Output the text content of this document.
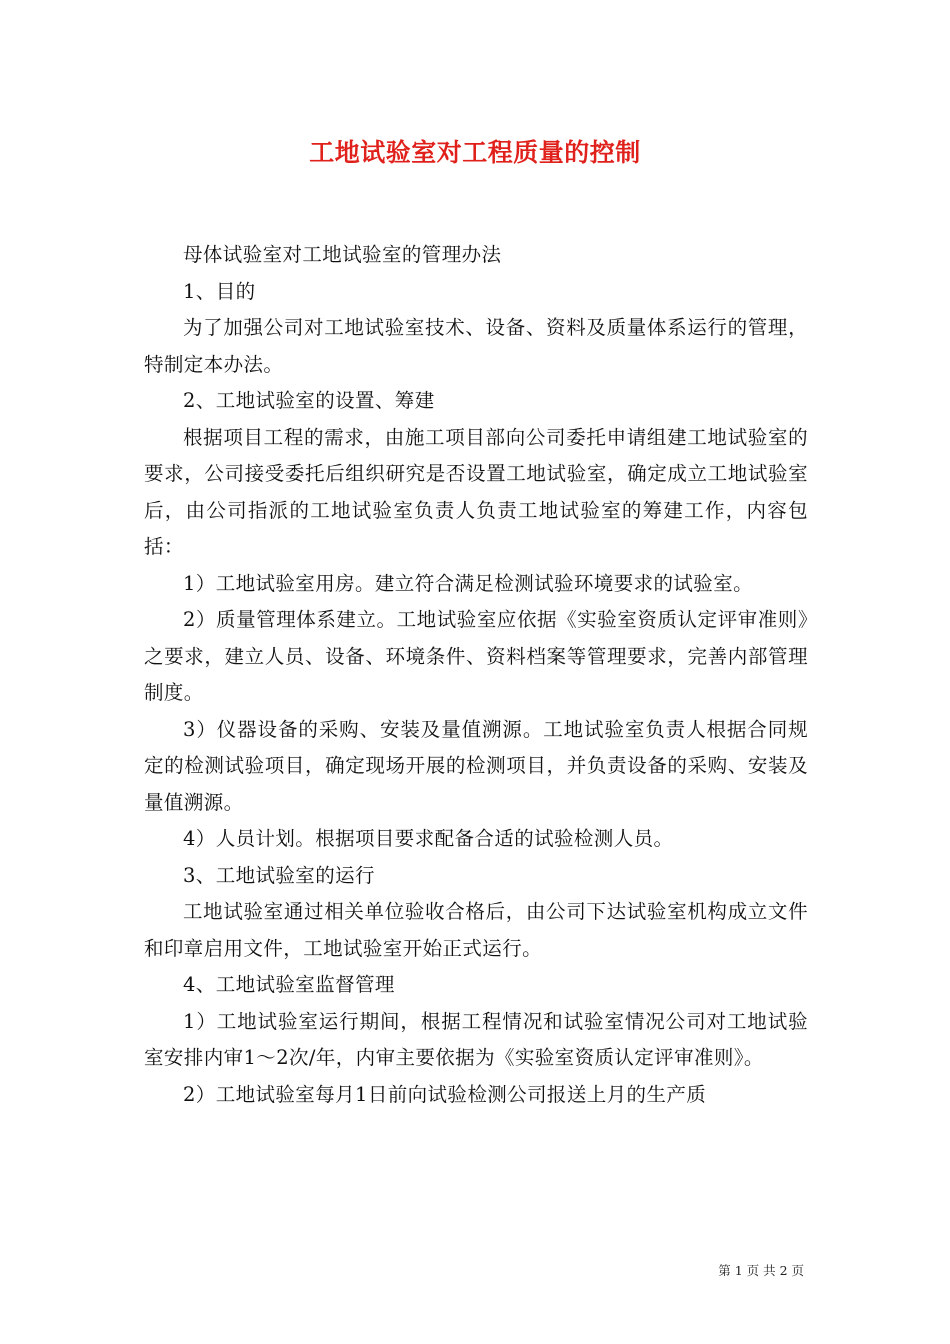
工地试验室对工程质量的控制

母体试验室对工地试验室的管理办法

1、目的

为了加强公司对工地试验室技术、设备、资料及质量体系运行的管理，特制定本办法。

2、工地试验室的设置、筹建

根据项目工程的需求，由施工项目部向公司委托申请组建工地试验室的要求，公司接受委托后组织研究是否设置工地试验室，确定成立工地试验室后，由公司指派的工地试验室负责人负责工地试验室的筹建工作，内容包括：

1）工地试验室用房。建立符合满足检测试验环境要求的试验室。

2）质量管理体系建立。工地试验室应依据《实验室资质认定评审准则》之要求，建立人员、设备、环境条件、资料档案等管理要求，完善内部管理制度。

3）仪器设备的采购、安装及量值溯源。工地试验室负责人根据合同规定的检测试验项目，确定现场开展的检测项目，并负责设备的采购、安装及量值溯源。

4）人员计划。根据项目要求配备合适的试验检测人员。

3、工地试验室的运行

工地试验室通过相关单位验收合格后，由公司下达试验室机构成立文件和印章启用文件，工地试验室开始正式运行。

4、工地试验室监督管理

1）工地试验室运行期间，根据工程情况和试验室情况公司对工地试验室安排内审1～2次/年，内审主要依据为《实验室资质认定评审准则》。

2）工地试验室每月1日前向试验检测公司报送上月的生产质

第 1 页 共 2 页
